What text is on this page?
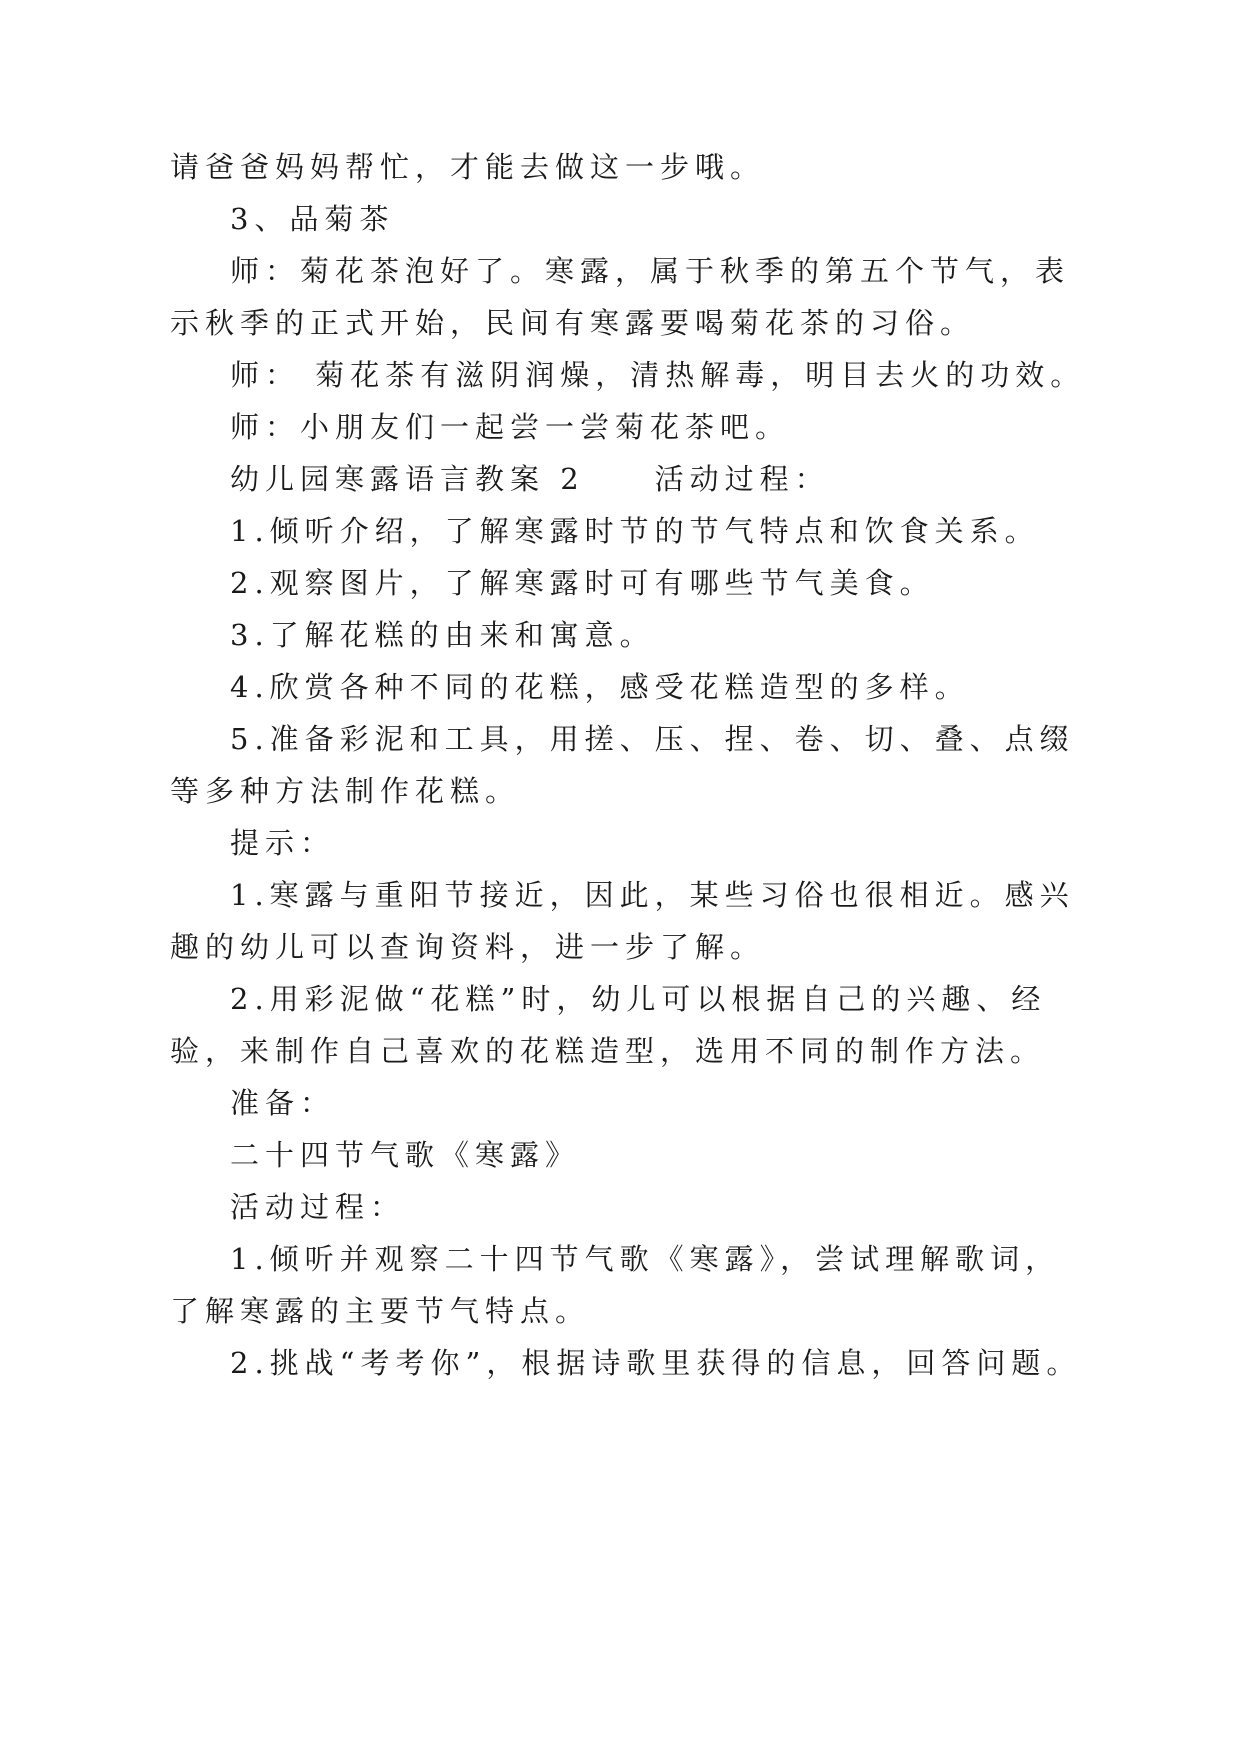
请爸爸妈妈帮忙，才能去做这一步哦。
3、品菊茶
师：菊花茶泡好了。寒露，属于秋季的第五个节气，表
示秋季的正式开始，民间有寒露要喝菊花茶的习俗。
师： 菊花茶有滋阴润燥，清热解毒，明目去火的功效。
师：小朋友们一起尝一尝菊花茶吧。
幼儿园寒露语言教案 2　　活动过程：
1.倾听介绍，了解寒露时节的节气特点和饮食关系。
2.观察图片，了解寒露时可有哪些节气美食。
3.了解花糕的由来和寓意。
4.欣赏各种不同的花糕，感受花糕造型的多样。
5.准备彩泥和工具，用搓、压、捏、卷、切、叠、点缀
等多种方法制作花糕。
提示：
1.寒露与重阳节接近，因此，某些习俗也很相近。感兴
趣的幼儿可以查询资料，进一步了解。
2.用彩泥做“花糕”时，幼儿可以根据自己的兴趣、经
验，来制作自己喜欢的花糕造型，选用不同的制作方法。
准备：
二十四节气歌《寒露》
活动过程：
1.倾听并观察二十四节气歌《寒露》，尝试理解歌词，
了解寒露的主要节气特点。
2.挑战“考考你”，根据诗歌里获得的信息，回答问题。
